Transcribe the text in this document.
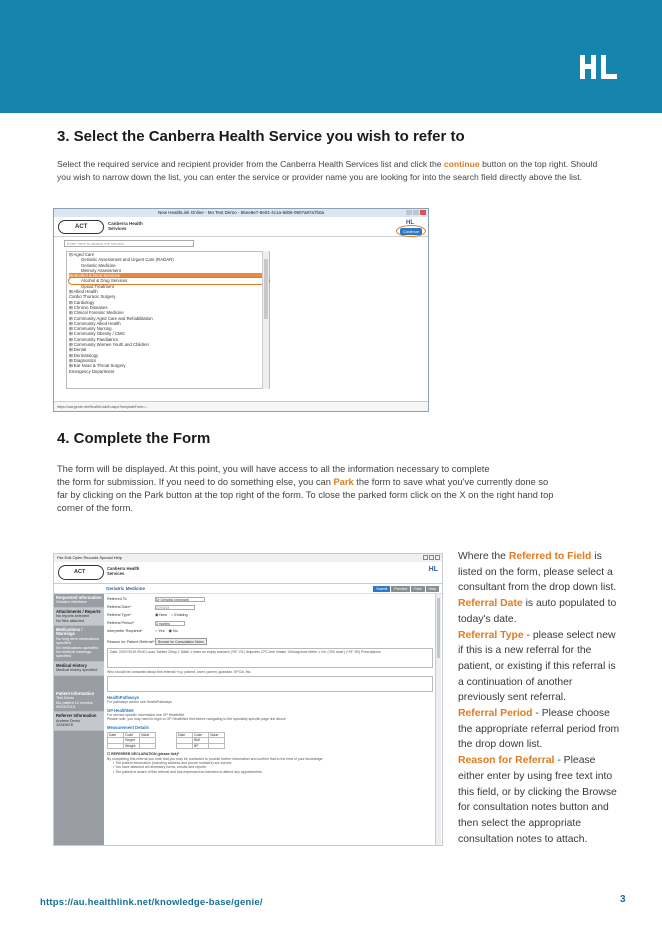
3. Select the Canberra Health Service you wish to refer to

Select the required service and recipient provider from the Canberra Health Services list and click the continue button on the top right. Should you wish to narrow down the list, you can enter the service or provider name you are looking for into the search field directly above the list.

New HealthLink Online - Mo Test Demo - 85ee8e7-8e01-4c1a-8d06-0807a87a7b0a
ACT
Canberra Health
Services
HL
Continue
Enter here to search the service
⊟ Aged Care
Geriatric Assessment and Urgent Care (RADAR)
Geriatric Medicine
Memory Assessment
⊟ Alcohol & Drug Services
Alcohol & Drug Services
Opioid Treatment
⊞ Allied Health
Cardio Thoracic Surgery
⊞ Cardiology
⊞ Chronic Diseases
⊞ Clinical Forensic Medicine
⊞ Community Aged Care and Rehabilitation
⊞ Community Allied Health
⊞ Community Nursing
⊞ Community Obesity / CMG
⊞ Community Paediatrics
⊞ Community Women Youth and Children
⊞ Dental
⊞ Dermatology
⊞ Diagnostics
⊞ Ear Nose & Throat Surgery
Emergency Department
https://uat.genie.net/HealthLink/fh.aspx?templateForm=...
4. Complete the Form

The form will be displayed. At this point, you will have access to all the information necessary to complete
the form for submission. If you need to do something else, you can Park the form to save what you've currently done so far by clicking on the Park button at the top right of the form. To close the parked form click on the X on the right hand top corner of the form.

File Edit Open Records Special Help
ACT
Canberra Health
Services
HL
Geriatric Medicine	Submit	Preview	Park	Help
Requested Information
Geriatric Medicine
Attachments / Reports
No reports selected
No files attached
Medications / Warnings
No long term medications specified
No medications specified
No medical warnings specified
Medical History
Medical history specified
Patient Information
Test Demo
Mo patient 10 months
09/04/2018
Referrer Information
Andrew Demo
12345678
Referred To	Dr Geriatric Informant
Referral Date*	22/03/18
Referral Type*	◉ New ○ Existing
Referral Period*	3 months
Interpreter Required*	○ Yes ◉ No
Reason for Patient Referral*	Browse for Consultation Notes
Date: 20/07/2019 09:00 Losec Tablets 20mg 1 Tablet 1 times an empty stomach (*SF: R1) Ibuprofen CFC-free Inhaler 100mcg/dose Metre 1 Inh. ('200 dose') (*SF: R0) Prescriptions
Who should be contacted about this referral? e.g. patient, carer, parent, guardian, EPOA, etc.
HealthPathways
For pathways advice see HealthPathways
GP HealthNet
For service specific information see GP HealthNet
Please note, you may need to login to GP HealthNet first before navigating to the speciality specific page link above
Measurement Details
Date	Code	Value
	Height	
	Weight	
Date	Code	Value
	BMI	
	BP	
☐ REFERRER DECLARATION (please tick)*
By completing this referral you note that you may be contacted to provide further information and confirm that to the best of your knowledge:
• The patient information (including address and phone numbers) are correct
• You have attached all necessary forms, results and reports
• The patient is aware of this referral and has expressed an intention to attend any appointments
Where the Referred to Field is listed on the form, please select a consultant from the drop down list.
Referral Date is auto populated to today's date.
Referral Type - please select new if this is a new referral for the patient, or existing if this referral is a continuation of another previously sent referral.
Referral Period - Please choose the appropriate referral period from the drop down list.
Reason for Referral - Please either enter by using free text into this field, or by clicking the Browse for consultation notes button and then select the appropriate consultation notes to attach.
https://au.healthlink.net/knowledge-base/genie/	3
